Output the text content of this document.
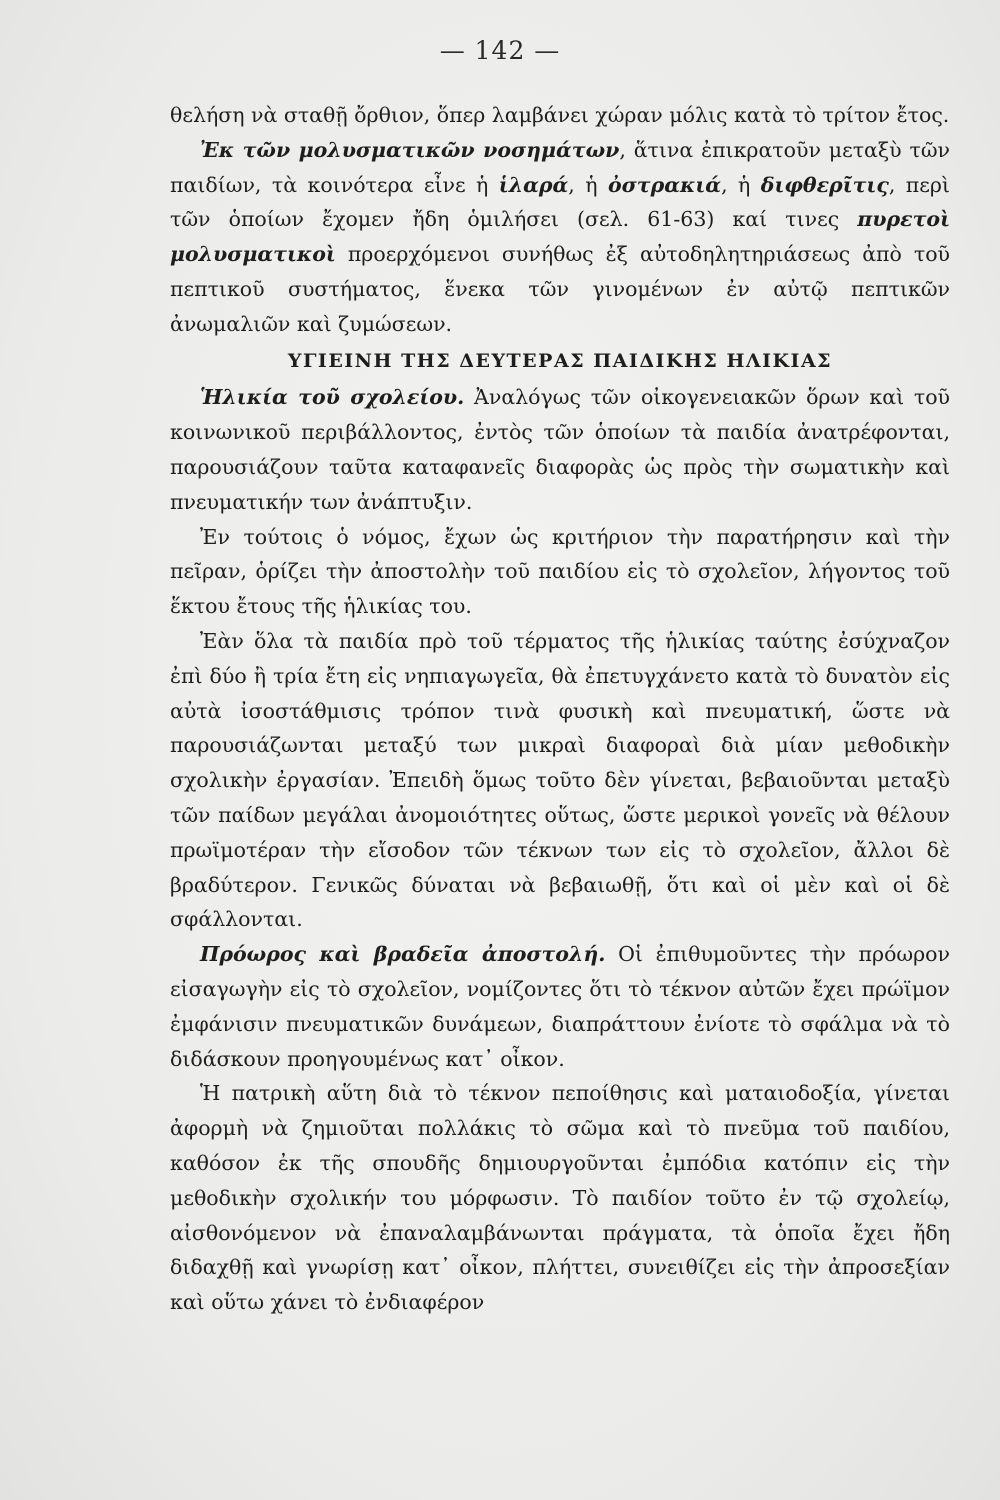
— 142 —

θελήση νὰ σταθῇ ὄρθιον, ὅπερ λαμβάνει χώραν μόλις κατὰ τὸ τρίτον ἔτος.

Ἐκ τῶν μολυσματικῶν νοσημάτων, ἅτινα ἐπικρατοῦν μεταξὺ τῶν παιδίων, τὰ κοινότερα εἶνε ἡ ἱλαρά, ἡ ὀστρακιά, ἡ διφθερῖτις, περὶ τῶν ὁποίων ἔχομεν ἤδη ὁμιλήσει (σελ. 61-63) καί τινες πυρετοὶ μολυσματικοὶ προερχόμενοι συνήθως ἐξ αὐτοδηλητηριάσεως ἀπὸ τοῦ πεπτικοῦ συστήματος, ἕνεκα τῶν γινομένων ἐν αὐτῷ πεπτικῶν ἀνωμαλιῶν καὶ ζυμώσεων.

ΥΓΙΕΙΝΗ ΤΗΣ ΔΕΥΤΕΡΑΣ ΠΑΙΔΙΚΗΣ ΗΛΙΚΙΑΣ

Ἡλικία τοῦ σχολείου. Ἀναλόγως τῶν οἰκογενειακῶν ὅρων καὶ τοῦ κοινωνικοῦ περιβάλλοντος, ἐντὸς τῶν ὁποίων τὰ παιδία ἀνατρέφονται, παρουσιάζουν ταῦτα καταφανεῖς διαφορὰς ὡς πρὸς τὴν σωματικὴν καὶ πνευματικήν των ἀνάπτυξιν.

Ἐν τούτοις ὁ νόμος, ἔχων ὡς κριτήριον τὴν παρατήρησιν καὶ τὴν πεῖραν, ὁρίζει τὴν ἀποστολὴν τοῦ παιδίου εἰς τὸ σχολεῖον, λήγοντος τοῦ ἕκτου ἔτους τῆς ἡλικίας του.

Ἐὰν ὅλα τὰ παιδία πρὸ τοῦ τέρματος τῆς ἡλικίας ταύτης ἐσύχναζον ἐπὶ δύο ἢ τρία ἔτη εἰς νηπιαγωγεῖα, θὰ ἐπετυγχάνετο κατὰ τὸ δυνατὸν εἰς αὐτὰ ἰσοστάθμισις τρόπον τινὰ φυσικὴ καὶ πνευματική, ὥστε νὰ παρουσιάζωνται μεταξύ των μικραὶ διαφοραὶ διὰ μίαν μεθοδικὴν σχολικὴν ἐργασίαν. Ἐπειδὴ ὅμως τοῦτο δὲν γίνεται, βεβαιοῦνται μεταξὺ τῶν παίδων μεγάλαι ἀνομοιότητες οὕτως, ὥστε μερικοὶ γονεῖς νὰ θέλουν πρωϊμοτέραν τὴν εἴσοδον τῶν τέκνων των εἰς τὸ σχολεῖον, ἄλλοι δὲ βραδύτερον. Γενικῶς δύναται νὰ βεβαιωθῇ, ὅτι καὶ οἱ μὲν καὶ οἱ δὲ σφάλλονται.

Πρόωρος καὶ βραδεῖα ἀποστολή. Οἱ ἐπιθυμοῦντες τὴν πρόωρον εἰσαγωγὴν εἰς τὸ σχολεῖον, νομίζοντες ὅτι τὸ τέκνον αὐτῶν ἔχει πρώϊμον ἐμφάνισιν πνευματικῶν δυνάμεων, διαπράττουν ἐνίοτε τὸ σφάλμα νὰ τὸ διδάσκουν προηγουμένως κατ᾽ οἶκον.

Ἡ πατρικὴ αὕτη διὰ τὸ τέκνον πεποίθησις καὶ ματαιοδοξία, γίνεται ἀφορμὴ νὰ ζημιοῦται πολλάκις τὸ σῶμα καὶ τὸ πνεῦμα τοῦ παιδίου, καθόσον ἐκ τῆς σπουδῆς δημιουργοῦνται ἐμπόδια κατόπιν εἰς τὴν μεθοδικὴν σχολικήν του μόρφωσιν. Τὸ παιδίον τοῦτο ἐν τῷ σχολείῳ, αἰσθονόμενον νὰ ἐπαναλαμβάνωνται πράγματα, τὰ ὁποῖα ἔχει ἤδη διδαχθῇ καὶ γνωρίσῃ κατ᾽ οἶκον, πλήττει, συνειθίζει εἰς τὴν ἀπροσεξίαν καὶ οὕτω χάνει τὸ ἐνδιαφέρον
